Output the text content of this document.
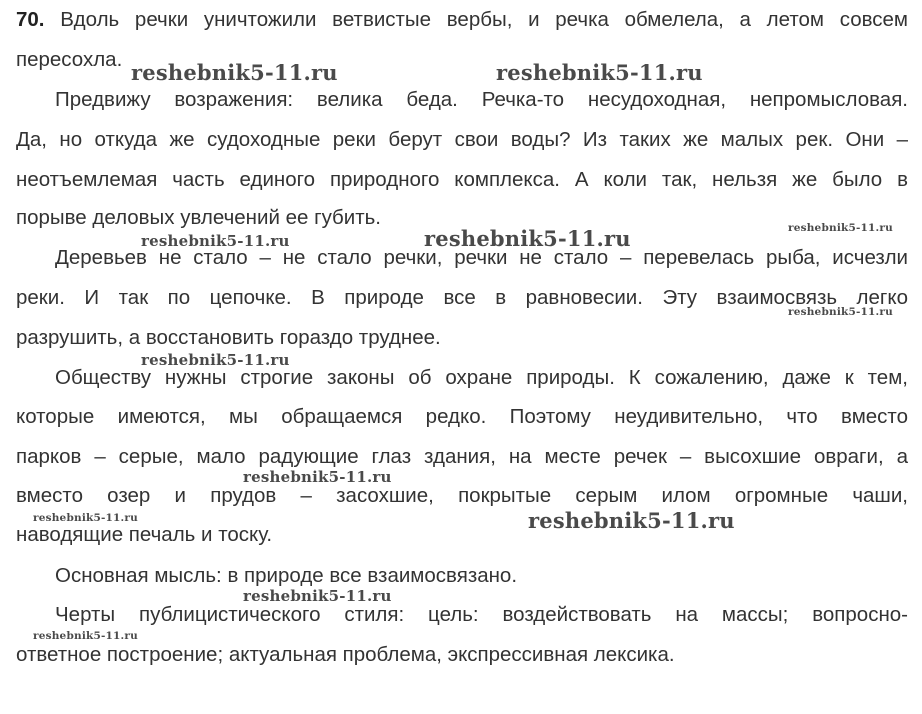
70. Вдоль речки уничтожили ветвистые вербы, и речка обмелела, а летом совсем
пересохла.
Предвижу возражения: велика беда. Речка-то несудоходная, непромысловая.
Да, но откуда же судоходные реки берут свои воды? Из таких же малых рек. Они –
неотъемлемая часть единого природного комплекса. А коли так, нельзя же было в
порыве деловых увлечений ее губить.
Деревьев не стало – не стало речки, речки не стало – перевелась рыба, исчезли
реки. И так по цепочке. В природе все в равновесии. Эту взаимосвязь легко
разрушить, а восстановить гораздо труднее.
Обществу нужны строгие законы об охране природы. К сожалению, даже к тем,
которые имеются, мы обращаемся редко. Поэтому неудивительно, что вместо
парков – серые, мало радующие глаз здания, на месте речек – высохшие овраги, а
вместо озер и прудов – засохшие, покрытые серым илом огромные чаши,
наводящие печаль и тоску.
Основная мысль: в природе все взаимосвязано.
Черты публицистического стиля: цель: воздействовать на массы; вопросно-
ответное построение; актуальная проблема, экспрессивная лексика.
reshebnik5-11.ru	reshebnik5-11.ru
reshebnik5-11.ru	reshebnik5-11.ru	reshebnik5-11.ru
reshebnik5-11.ru
reshebnik5-11.ru
reshebnik5-11.ru
reshebnik5-11.ru	reshebnik5-11.ru
reshebnik5-11.ru
reshebnik5-11.ru
